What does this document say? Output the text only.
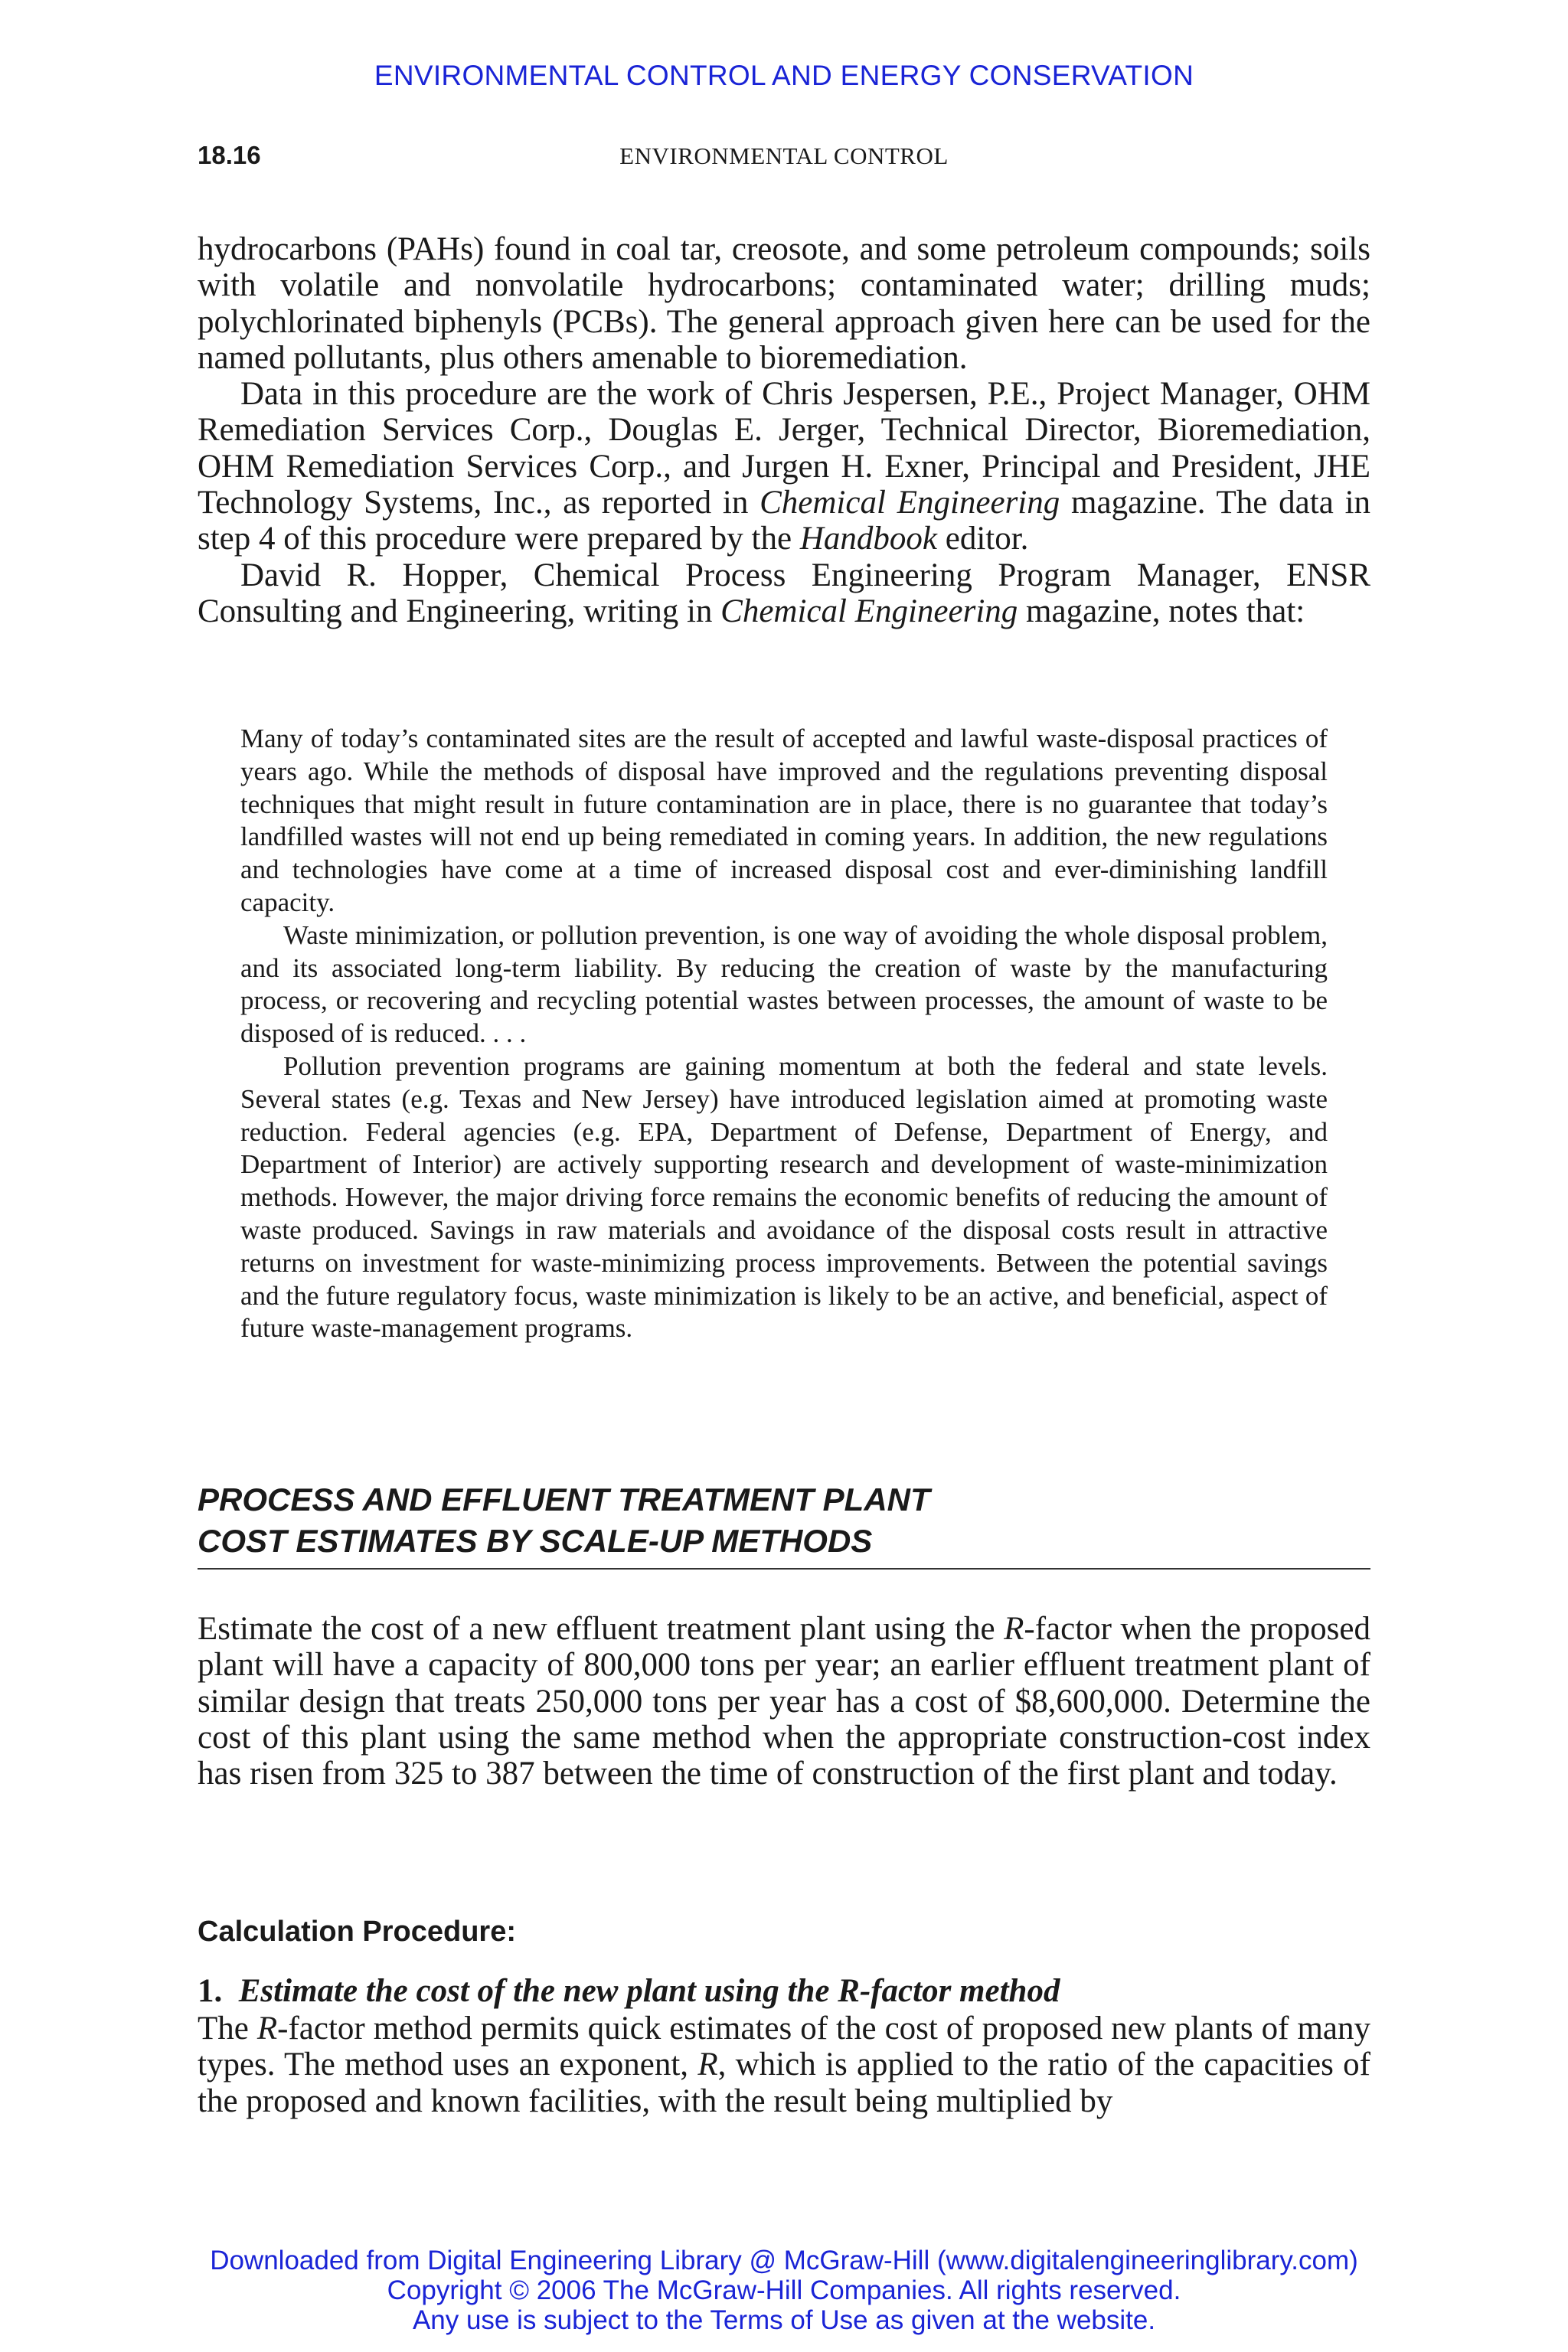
ENVIRONMENTAL CONTROL AND ENERGY CONSERVATION
18.16	ENVIRONMENTAL CONTROL

hydrocarbons (PAHs) found in coal tar, creosote, and some petroleum compounds; soils with volatile and nonvolatile hydrocarbons; contaminated water; drilling muds; polychlorinated biphenyls (PCBs). The general approach given here can be used for the named pollutants, plus others amenable to bioremediation.

Data in this procedure are the work of Chris Jespersen, P.E., Project Manager, OHM Remediation Services Corp., Douglas E. Jerger, Technical Director, Bioremediation, OHM Remediation Services Corp., and Jurgen H. Exner, Principal and President, JHE Technology Systems, Inc., as reported in Chemical Engineering magazine. The data in step 4 of this procedure were prepared by the Handbook editor.

David R. Hopper, Chemical Process Engineering Program Manager, ENSR Consulting and Engineering, writing in Chemical Engineering magazine, notes that:

Many of today’s contaminated sites are the result of accepted and lawful waste-disposal practices of years ago. While the methods of disposal have improved and the regulations preventing disposal techniques that might result in future contamination are in place, there is no guarantee that today’s landfilled wastes will not end up being remediated in coming years. In addition, the new regulations and technologies have come at a time of increased disposal cost and ever-diminishing landfill capacity.

Waste minimization, or pollution prevention, is one way of avoiding the whole disposal problem, and its associated long-term liability. By reducing the creation of waste by the manufacturing process, or recovering and recycling potential wastes between processes, the amount of waste to be disposed of is reduced. . . .

Pollution prevention programs are gaining momentum at both the federal and state levels. Several states (e.g. Texas and New Jersey) have introduced legislation aimed at promoting waste reduction. Federal agencies (e.g. EPA, Department of Defense, Department of Energy, and Department of Interior) are actively supporting research and development of waste-minimization methods. However, the major driving force remains the economic benefits of reducing the amount of waste produced. Savings in raw materials and avoidance of the disposal costs result in attractive returns on investment for waste-minimizing process improvements. Between the potential savings and the future regulatory focus, waste minimization is likely to be an active, and beneficial, aspect of future waste-management programs.

PROCESS AND EFFLUENT TREATMENT PLANT
COST ESTIMATES BY SCALE-UP METHODS

Estimate the cost of a new effluent treatment plant using the R-factor when the proposed plant will have a capacity of 800,000 tons per year; an earlier effluent treatment plant of similar design that treats 250,000 tons per year has a cost of $8,600,000. Determine the cost of this plant using the same method when the appropriate construction-cost index has risen from 325 to 387 between the time of construction of the first plant and today.

Calculation Procedure:
1. Estimate the cost of the new plant using the R-factor method

The R-factor method permits quick estimates of the cost of proposed new plants of many types. The method uses an exponent, R, which is applied to the ratio of the capacities of the proposed and known facilities, with the result being multiplied by

Downloaded from Digital Engineering Library @ McGraw-Hill (www.digitalengineeringlibrary.com)
Copyright © 2006 The McGraw-Hill Companies. All rights reserved.
Any use is subject to the Terms of Use as given at the website.
